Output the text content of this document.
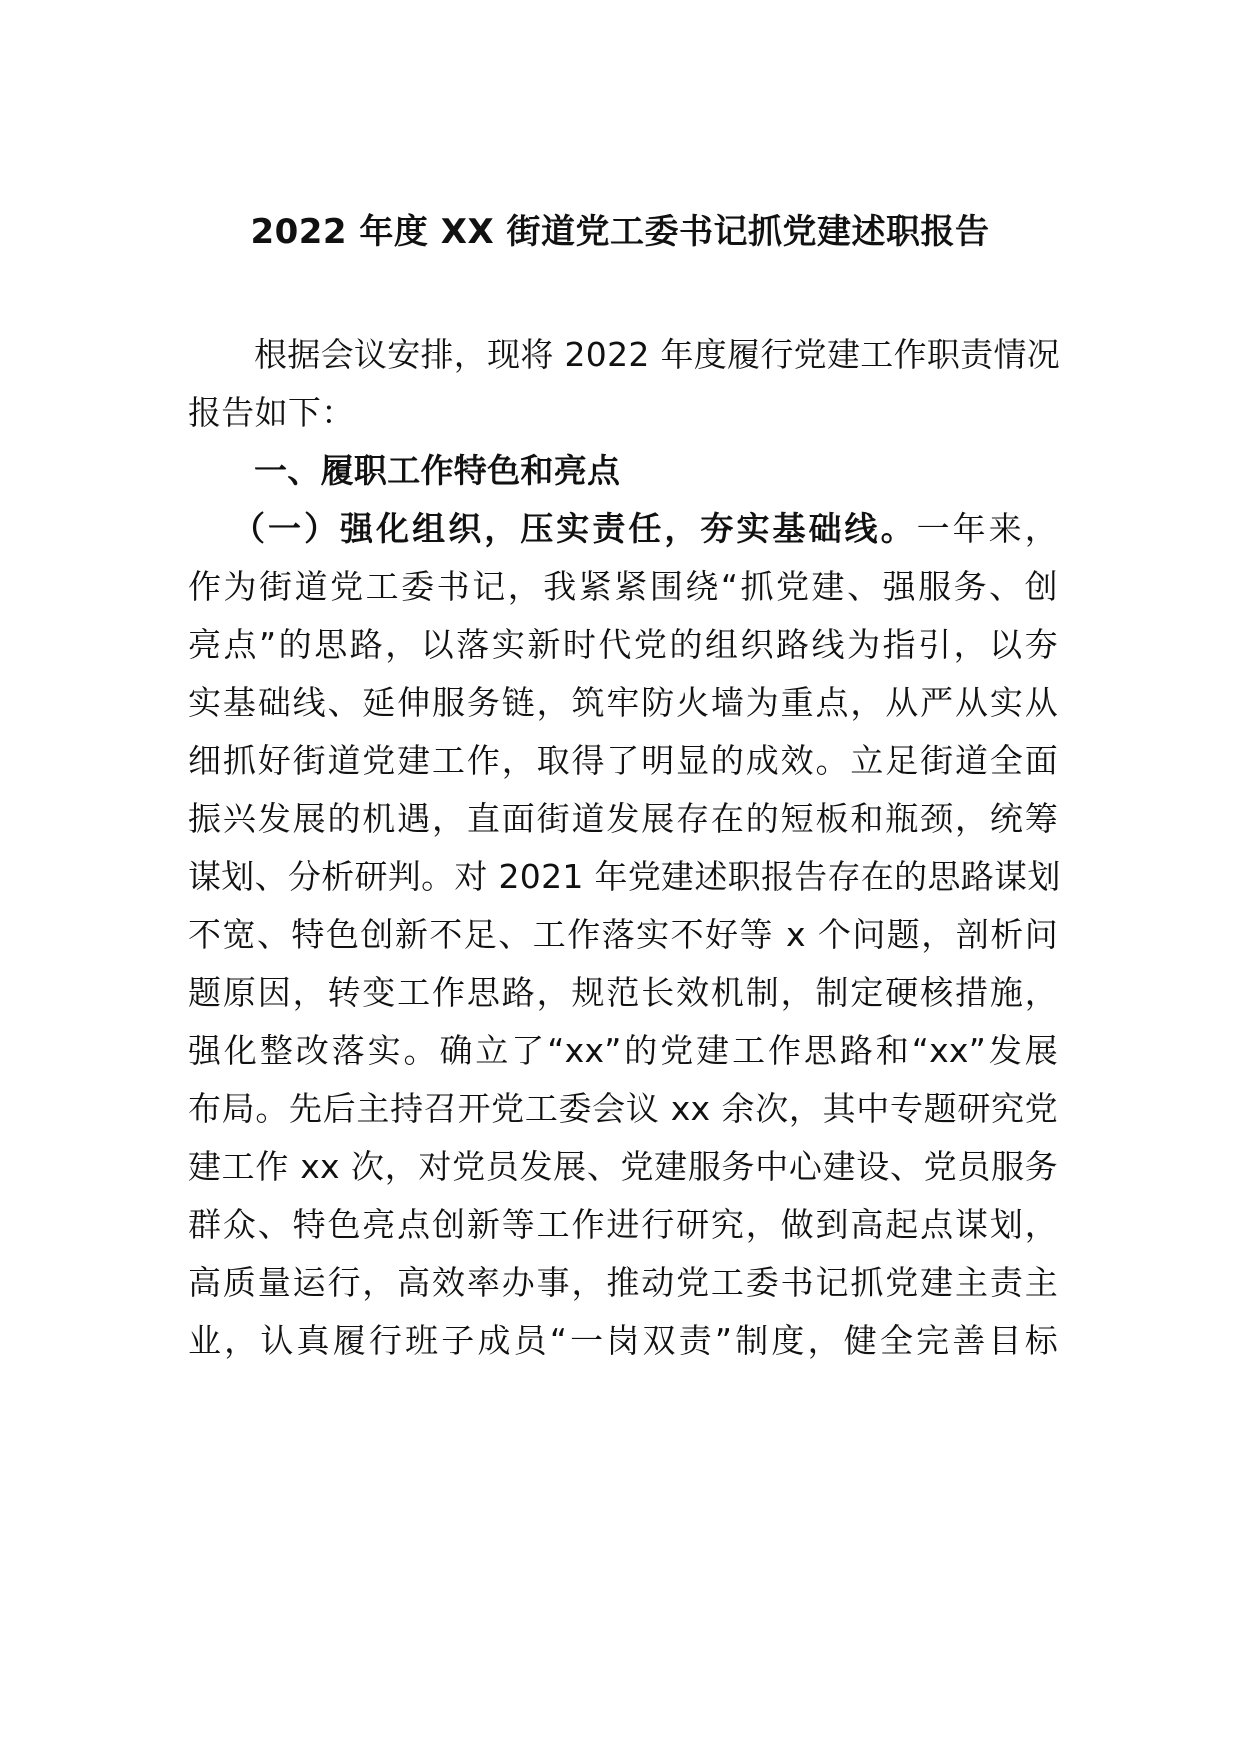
2022 年度 XX 街道党工委书记抓党建述职报告
根据会议安排，现将 2022 年度履行党建工作职责情况
报告如下：
一、履职工作特色和亮点
（一）强化组织，压实责任，夯实基础线。一年来，
作为街道党工委书记，我紧紧围绕“抓党建、强服务、创
亮点”的思路，以落实新时代党的组织路线为指引，以夯
实基础线、延伸服务链，筑牢防火墙为重点，从严从实从
细抓好街道党建工作，取得了明显的成效。立足街道全面
振兴发展的机遇，直面街道发展存在的短板和瓶颈，统筹
谋划、分析研判。对 2021 年党建述职报告存在的思路谋划
不宽、特色创新不足、工作落实不好等 x 个问题，剖析问
题原因，转变工作思路，规范长效机制，制定硬核措施，
强化整改落实。确立了“xx”的党建工作思路和“xx”发展
布局。先后主持召开党工委会议 xx 余次，其中专题研究党
建工作 xx 次，对党员发展、党建服务中心建设、党员服务
群众、特色亮点创新等工作进行研究，做到高起点谋划，
高质量运行，高效率办事，推动党工委书记抓党建主责主
业，认真履行班子成员“一岗双责”制度，健全完善目标
